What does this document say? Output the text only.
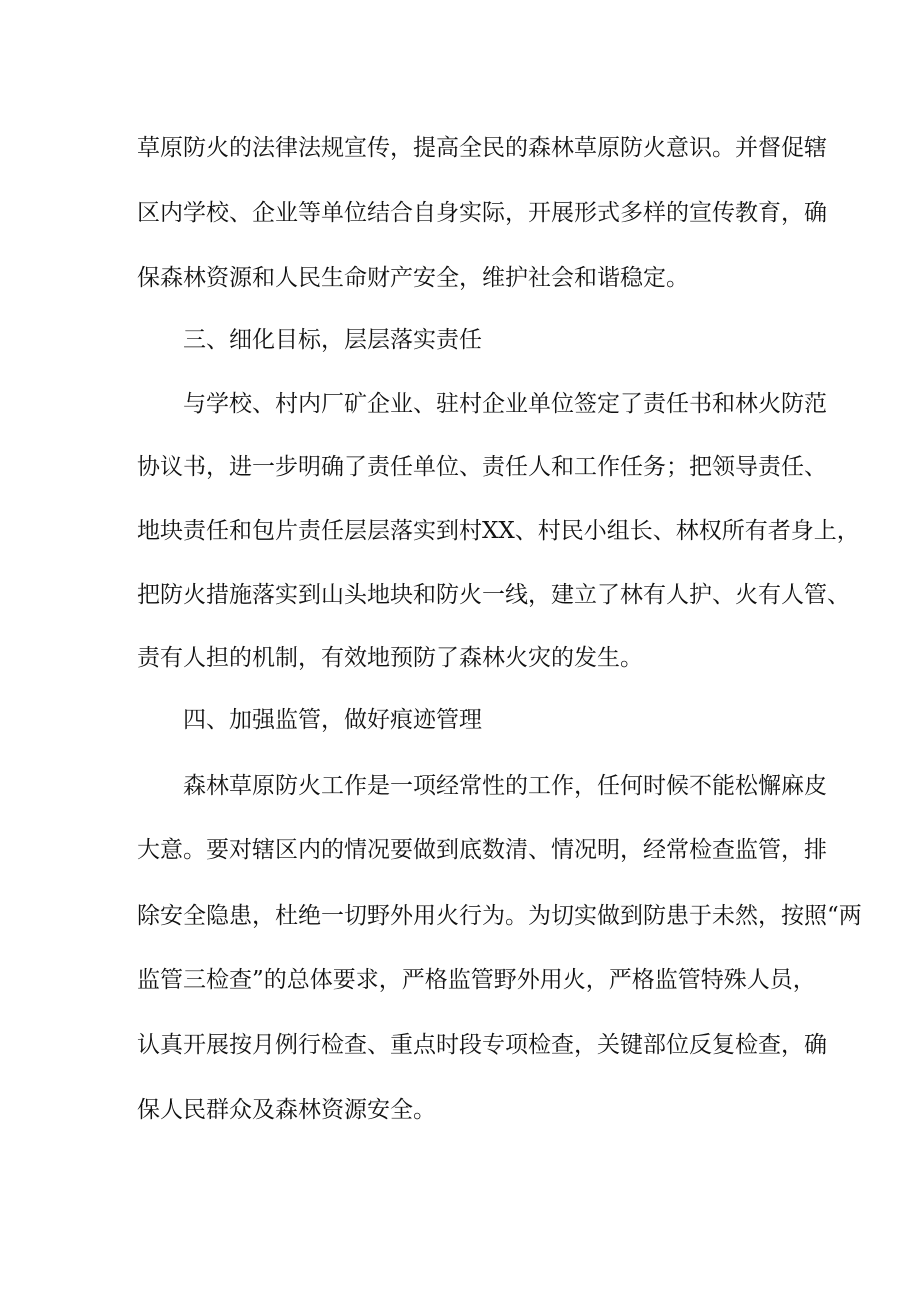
草原防火的法律法规宣传，提高全民的森林草原防火意识。并督促辖
区内学校、企业等单位结合自身实际，开展形式多样的宣传教育，确
保森林资源和人民生命财产安全，维护社会和谐稳定。
三、细化目标，层层落实责任
与学校、村内厂矿企业、驻村企业单位签定了责任书和林火防范
协议书，进一步明确了责任单位、责任人和工作任务；把领导责任、
地块责任和包片责任层层落实到村XX、村民小组长、林权所有者身上，
把防火措施落实到山头地块和防火一线，建立了林有人护、火有人管、
责有人担的机制，有效地预防了森林火灾的发生。
四、加强监管，做好痕迹管理
森林草原防火工作是一项经常性的工作，任何时候不能松懈麻皮
大意。要对辖区内的情况要做到底数清、情况明，经常检查监管，排
除安全隐患，杜绝一切野外用火行为。为切实做到防患于未然，按照“两
监管三检查”的总体要求，严格监管野外用火，严格监管特殊人员，
认真开展按月例行检查、重点时段专项检查，关键部位反复检查，确
保人民群众及森林资源安全。
